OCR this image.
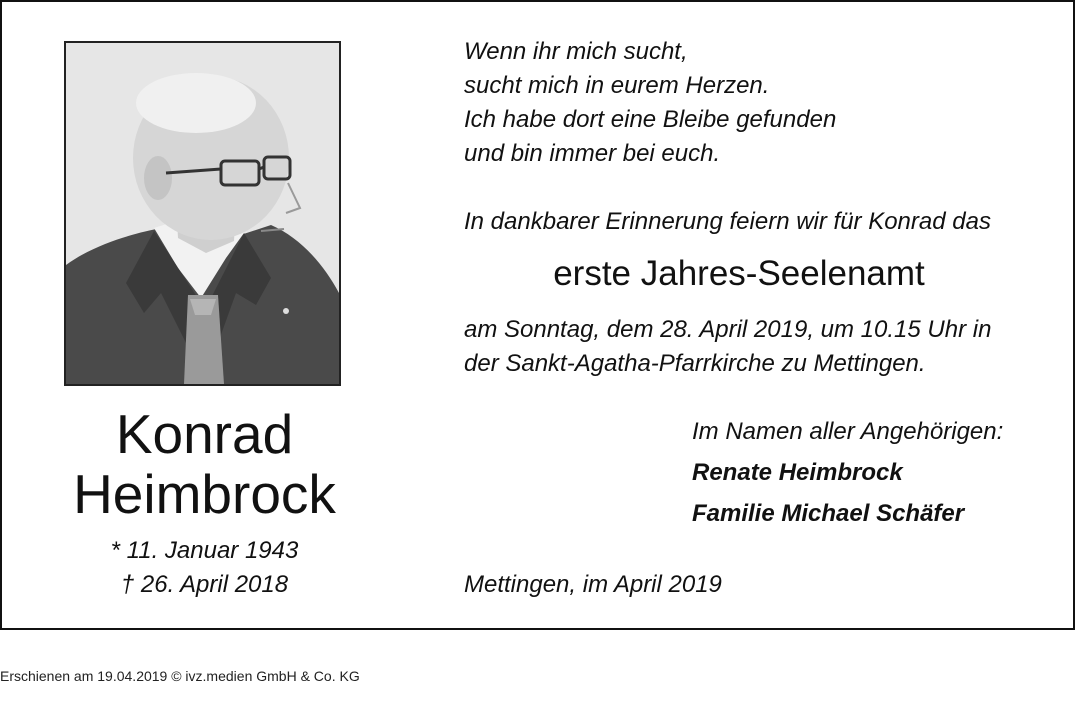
Konrad
Heimbrock
* 11. Januar 1943
† 26. April 2018
Wenn ihr mich sucht,
sucht mich in eurem Herzen.
Ich habe dort eine Bleibe gefunden
und bin immer bei euch.
In dankbarer Erinnerung feiern wir für Konrad das
erste Jahres-Seelenamt
am Sonntag, dem 28. April 2019, um 10.15 Uhr in
der Sankt-Agatha-Pfarrkirche zu Mettingen.
Im Namen aller Angehörigen:
Renate Heimbrock
Familie Michael Schäfer
Mettingen, im April 2019
Erschienen am 19.04.2019 © ivz.medien GmbH & Co. KG
